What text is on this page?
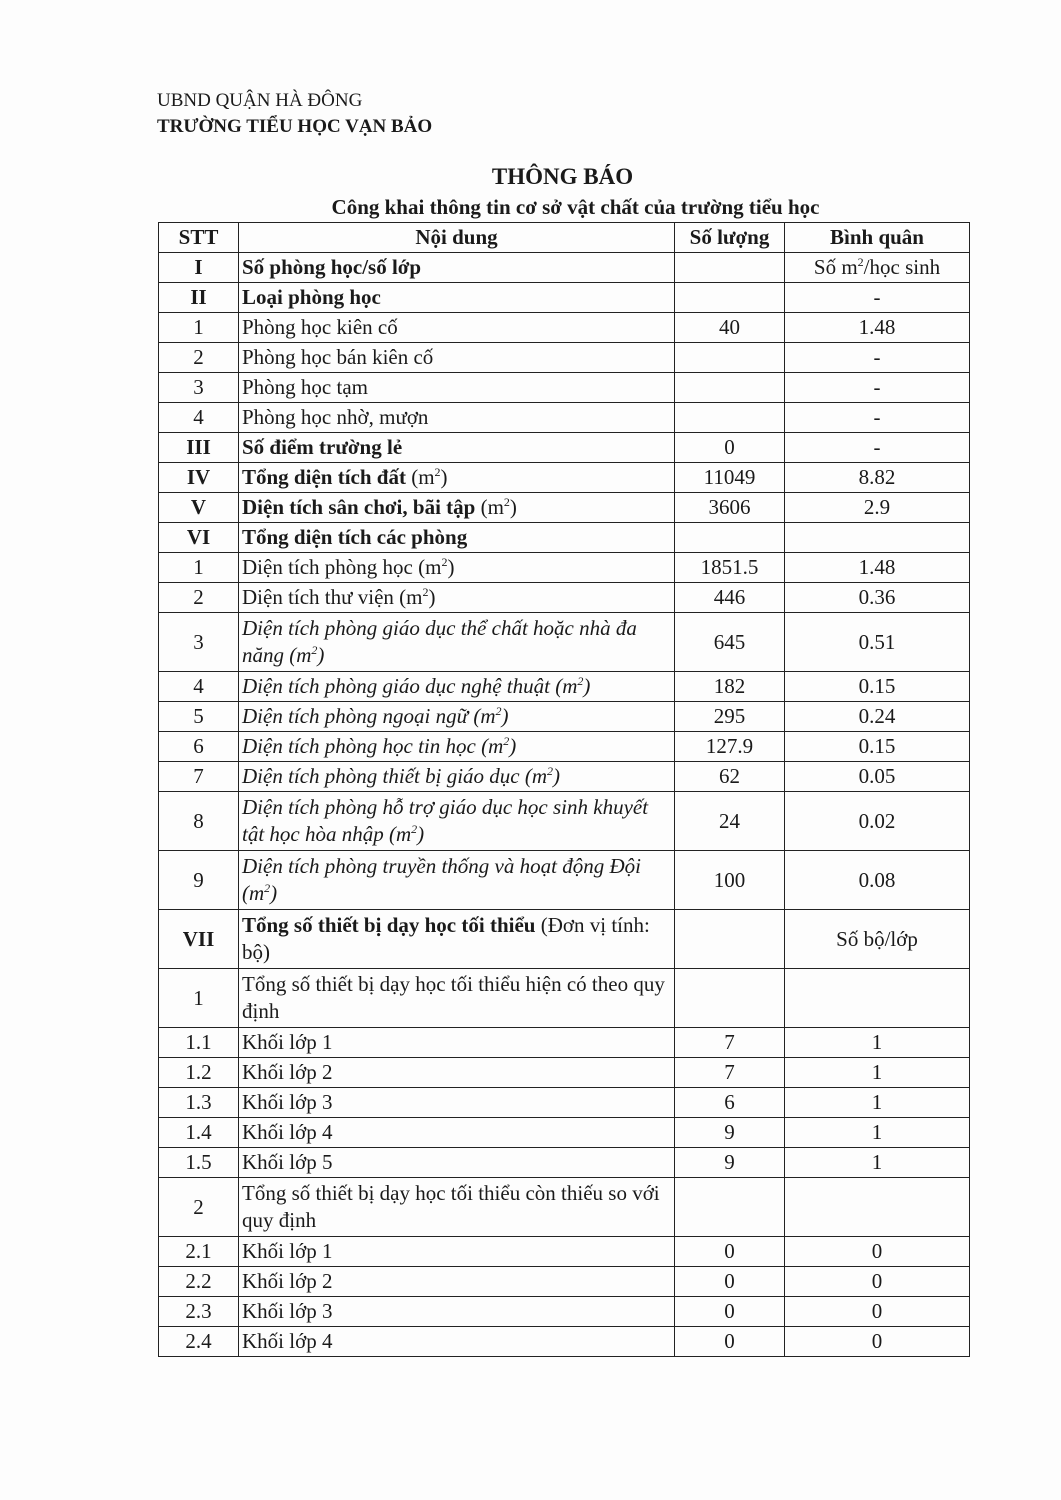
UBND QUẬN HÀ ĐÔNG
TRƯỜNG TIỂU HỌC VẠN BẢO
THÔNG BÁO
Công khai thông tin cơ sở vật chất của trường tiểu học
STT	Nội dung	Số lượng	Bình quân
I	Số phòng học/số lớp		Số $m^2$/học sinh
II	Loại phòng học		-
1	Phòng học kiên cố	40	1.48
2	Phòng học bán kiên cố		-
3	Phòng học tạm		-
4	Phòng học nhờ, mượn		-
III	Số điểm trường lẻ	0	-
IV	Tổng diện tích đất $(m^2)$	11049	8.82
V	Diện tích sân chơi, bãi tập $(m^2)$	3606	2.9
VI	Tổng diện tích các phòng		
1	Diện tích phòng học $(m^2)$	1851.5	1.48
2	Diện tích thư viện $(m^2)$	446	0.36
3	Diện tích phòng giáo dục thể chất hoặc nhà đa năng $(m^2)$	645	0.51
4	Diện tích phòng giáo dục nghệ thuật $(m^2)$	182	0.15
5	Diện tích phòng ngoại ngữ $(m^2)$	295	0.24
6	Diện tích phòng học tin học $(m^2)$	127.9	0.15
7	Diện tích phòng thiết bị giáo dục $(m^2)$	62	0.05
8	Diện tích phòng hỗ trợ giáo dục học sinh khuyết tật học hòa nhập $(m^2)$	24	0.02
9	Diện tích phòng truyền thống và hoạt động Đội $(m^2)$	100	0.08
VII	Tổng số thiết bị dạy học tối thiểu (Đơn vị tính: bộ)		Số bộ/lớp
1	Tổng số thiết bị dạy học tối thiểu hiện có theo quy định		
1.1	Khối lớp 1	7	1
1.2	Khối lớp 2	7	1
1.3	Khối lớp 3	6	1
1.4	Khối lớp 4	9	1
1.5	Khối lớp 5	9	1
2	Tổng số thiết bị dạy học tối thiểu còn thiếu so với quy định		
2.1	Khối lớp 1	0	0
2.2	Khối lớp 2	0	0
2.3	Khối lớp 3	0	0
2.4	Khối lớp 4	0	0
